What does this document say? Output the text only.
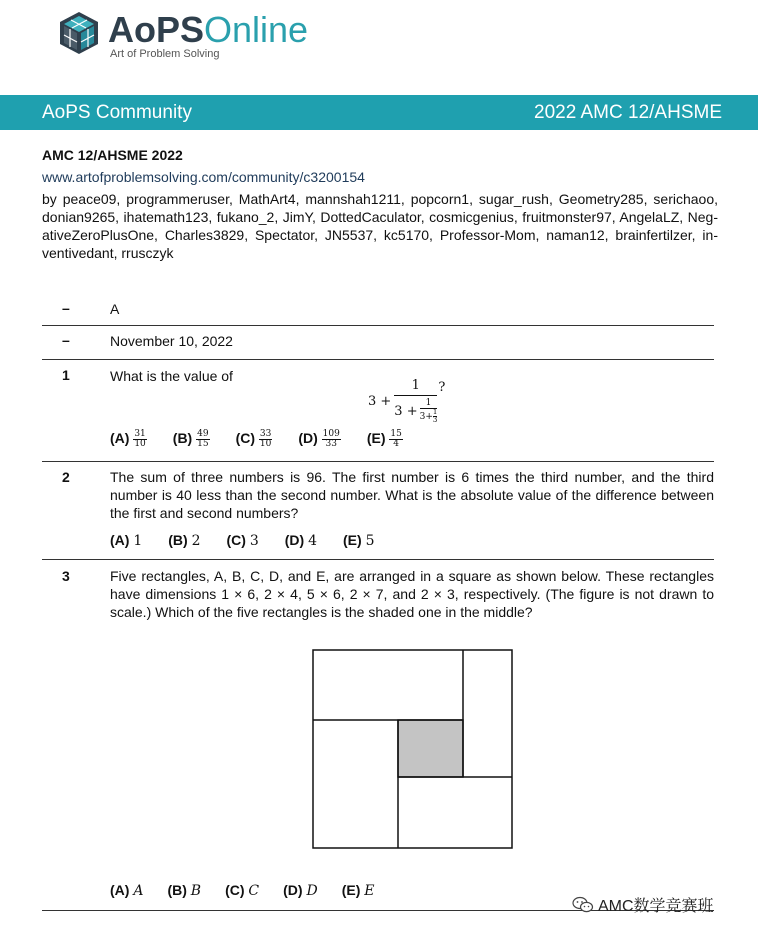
AoPSOnline
Art of Problem Solving
AoPS Community	2022 AMC 12/AHSME
AMC 12/AHSME 2022
www.artofproblemsolving.com/community/c3200154
by peace09, programmeruser, MathArt4, mannshah1211, popcorn1, sugar_rush, Geometry285, serichaoo, donian9265, ihatemath123, fukano_2, JimY, DottedCaculator, cosmicgenius, fruitmonster97, AngelaLZ, Neg-ativeZeroPlusOne, Charles3829, Spectator, JN5537, kc5170, Professor-Mom, naman12, brainfertilzer, in-ventivedant, rrusczyk
–	A
–	November 10, 2022
1	What is the value of
3 +
1
$3 + \frac{1}{3+ \frac{1}{3}}$
?
$(A) \frac{31}{10} (B) \frac{49}{15} (C) \frac{33}{10} (D) \frac{109}{33} (E) \frac{15}{4}$
2	The sum of three numbers is 96. The first number is 6 times the third number, and the third number is 40 less than the second number. What is the absolute value of the difference between the first and second numbers?
(A) 1 (B) 2 (C) 3 (D) 4 (E) 5
3	Five rectangles, A, B, C, D, and E, are arranged in a square as shown below. These rectangles have dimensions 1 × 6, 2 × 4, 5 × 6, 2 × 7, and 2 × 3, respectively. (The figure is not drawn to scale.) Which of the five rectangles is the shaded one in the middle?
(A) A (B) B (C) C (D) D (E) E
AMC数学竞赛班
